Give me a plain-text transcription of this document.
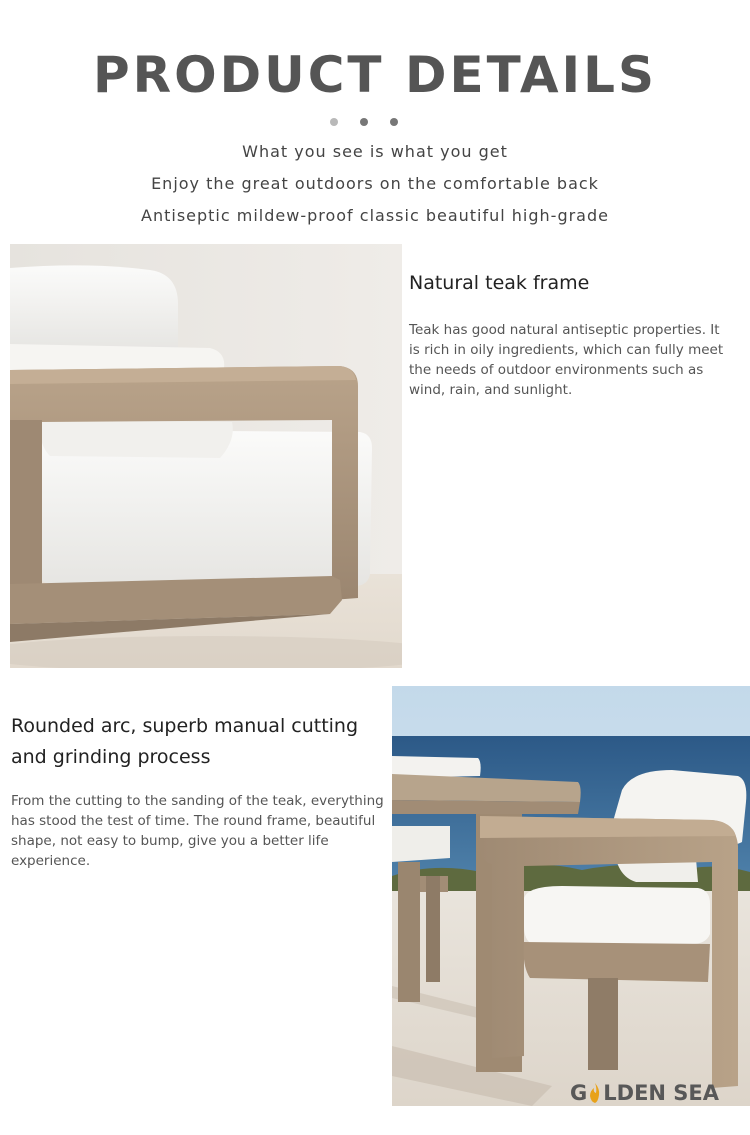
PRODUCT DETAILS
What you see is what you get
Enjoy the great outdoors on the comfortable back
Antiseptic mildew-proof classic beautiful high-grade
Natural teak frame
Teak has good natural antiseptic properties. It is rich in oily ingredients, which can fully meet the needs of outdoor environments such as wind, rain, and sunlight.
Rounded arc, superb manual cutting and grinding process
From the cutting to the sanding of the teak, everything has stood the test of time. The round frame, beautiful shape, not easy to bump, give you a better life experience.
G LDEN SEA
